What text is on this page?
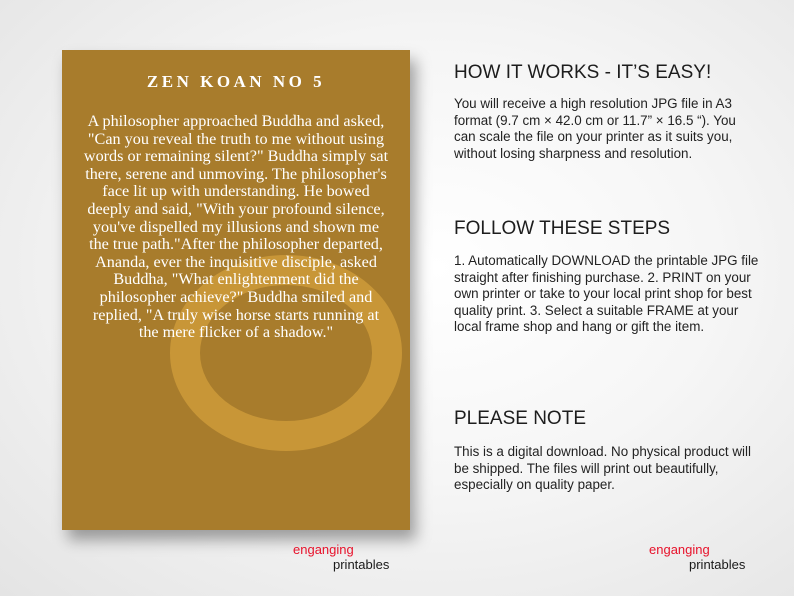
ZEN KOAN NO 5
A philosopher approached Buddha and asked, "Can you reveal the truth to me without using words or remaining silent?" Buddha simply sat there, serene and unmoving. The philosopher's face lit up with understanding. He bowed deeply and said, "With your profound silence, you've dispelled my illusions and shown me the true path."After the philosopher departed, Ananda, ever the inquisitive disciple, asked Buddha, "What enlightenment did the philosopher achieve?" Buddha smiled and replied, "A truly wise horse starts running at the mere flicker of a shadow."
HOW IT WORKS - IT’S EASY!
You will receive a high resolution JPG file in A3 format (9.7 cm × 42.0 cm or 11.7” × 16.5 “). You can scale the file on your printer as it suits you, without losing sharpness and resolution.
FOLLOW THESE STEPS
1. Automatically DOWNLOAD the printable JPG file straight after finishing purchase. 2. PRINT on your own printer or take to your local print shop for best quality print. 3. Select a suitable FRAME at your local frame shop and hang or gift the item.
PLEASE NOTE
This is a digital download. No physical product will be shipped. The files will print out beautifully, especially on quality paper.
enganging
printables
enganging
printables
